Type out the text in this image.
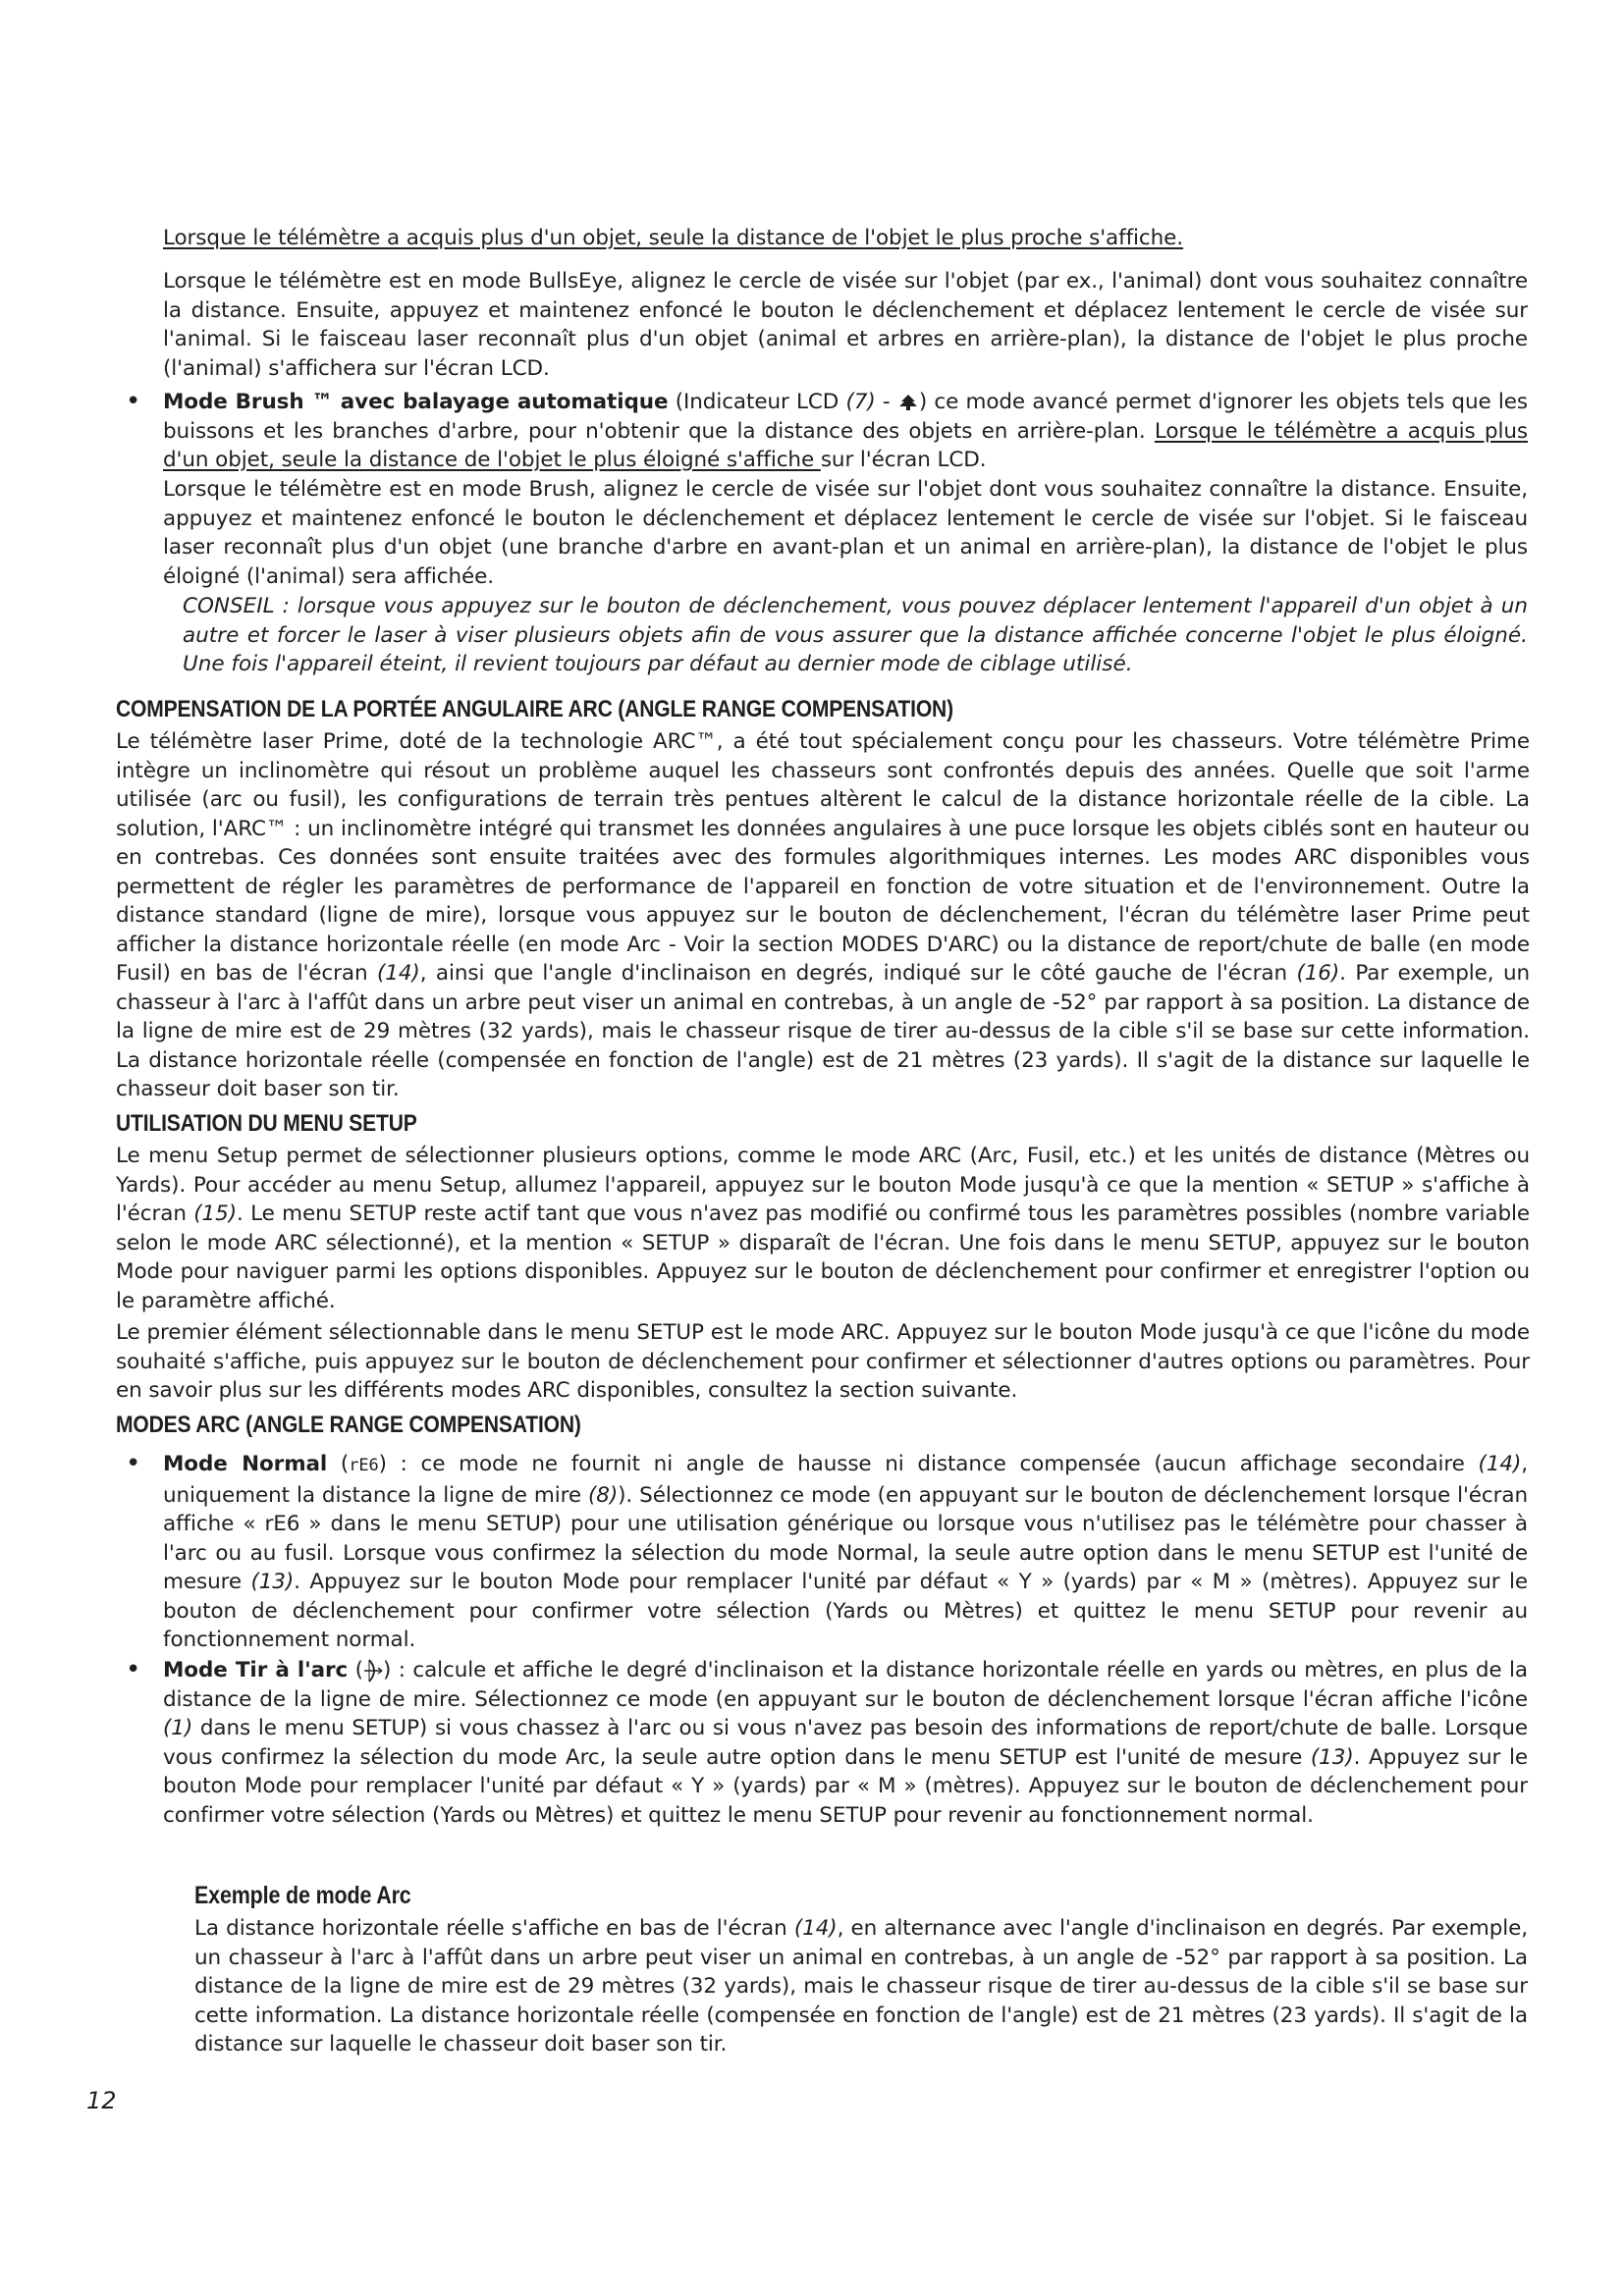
Lorsque le télémètre a acquis plus d'un objet, seule la distance de l'objet le plus proche s'affiche.
Lorsque le télémètre est en mode BullsEye, alignez le cercle de visée sur l'objet (par ex., l'animal) dont vous souhaitez connaître la distance. Ensuite, appuyez et maintenez enfoncé le bouton le déclenchement et déplacez lentement le cercle de visée sur l'animal. Si le faisceau laser reconnaît plus d'un objet (animal et arbres en arrière-plan), la distance de l'objet le plus proche (l'animal) s'affichera sur l'écran LCD.
• Mode Brush ™ avec balayage automatique (Indicateur LCD (7) - ) ce mode avancé permet d'ignorer les objets tels que les buissons et les branches d'arbre, pour n'obtenir que la distance des objets en arrière-plan. Lorsque le télémètre a acquis plus d'un objet, seule la distance de l'objet le plus éloigné s'affiche sur l'écran LCD.
Lorsque le télémètre est en mode Brush, alignez le cercle de visée sur l'objet dont vous souhaitez connaître la distance. Ensuite, appuyez et maintenez enfoncé le bouton le déclenchement et déplacez lentement le cercle de visée sur l'objet. Si le faisceau laser reconnaît plus d'un objet (une branche d'arbre en avant-plan et un animal en arrière-plan), la distance de l'objet le plus éloigné (l'animal) sera affichée.
CONSEIL : lorsque vous appuyez sur le bouton de déclenchement, vous pouvez déplacer lentement l'appareil d'un objet à un autre et forcer le laser à viser plusieurs objets afin de vous assurer que la distance affichée concerne l'objet le plus éloigné. Une fois l'appareil éteint, il revient toujours par défaut au dernier mode de ciblage utilisé.
COMPENSATION DE LA PORTÉE ANGULAIRE ARC (ANGLE RANGE COMPENSATION)
Le télémètre laser Prime, doté de la technologie ARC™, a été tout spécialement conçu pour les chasseurs. Votre télémètre Prime intègre un inclinomètre qui résout un problème auquel les chasseurs sont confrontés depuis des années. Quelle que soit l'arme utilisée (arc ou fusil), les configurations de terrain très pentues altèrent le calcul de la distance horizontale réelle de la cible. La solution, l'ARC™ : un inclinomètre intégré qui transmet les données angulaires à une puce lorsque les objets ciblés sont en hauteur ou en contrebas. Ces données sont ensuite traitées avec des formules algorithmiques internes. Les modes ARC disponibles vous permettent de régler les paramètres de performance de l'appareil en fonction de votre situation et de l'environnement. Outre la distance standard (ligne de mire), lorsque vous appuyez sur le bouton de déclenchement, l'écran du télémètre laser Prime peut afficher la distance horizontale réelle (en mode Arc - Voir la section MODES D'ARC) ou la distance de report/chute de balle (en mode Fusil) en bas de l'écran (14), ainsi que l'angle d'inclinaison en degrés, indiqué sur le côté gauche de l'écran (16). Par exemple, un chasseur à l'arc à l'affût dans un arbre peut viser un animal en contrebas, à un angle de -52° par rapport à sa position. La distance de la ligne de mire est de 29 mètres (32 yards), mais le chasseur risque de tirer au-dessus de la cible s'il se base sur cette information. La distance horizontale réelle (compensée en fonction de l'angle) est de 21 mètres (23 yards). Il s'agit de la distance sur laquelle le chasseur doit baser son tir.
UTILISATION DU MENU SETUP
Le menu Setup permet de sélectionner plusieurs options, comme le mode ARC (Arc, Fusil, etc.) et les unités de distance (Mètres ou Yards). Pour accéder au menu Setup, allumez l'appareil, appuyez sur le bouton Mode jusqu'à ce que la mention « SETUP » s'affiche à l'écran (15). Le menu SETUP reste actif tant que vous n'avez pas modifié ou confirmé tous les paramètres possibles (nombre variable selon le mode ARC sélectionné), et la mention « SETUP » disparaît de l'écran. Une fois dans le menu SETUP, appuyez sur le bouton Mode pour naviguer parmi les options disponibles. Appuyez sur le bouton de déclenchement pour confirmer et enregistrer l'option ou le paramètre affiché.
Le premier élément sélectionnable dans le menu SETUP est le mode ARC. Appuyez sur le bouton Mode jusqu'à ce que l'icône du mode souhaité s'affiche, puis appuyez sur le bouton de déclenchement pour confirmer et sélectionner d'autres options ou paramètres. Pour en savoir plus sur les différents modes ARC disponibles, consultez la section suivante.
MODES ARC (ANGLE RANGE COMPENSATION)
• Mode Normal (rE6) : ce mode ne fournit ni angle de hausse ni distance compensée (aucun affichage secondaire (14), uniquement la distance la ligne de mire (8)). Sélectionnez ce mode (en appuyant sur le bouton de déclenchement lorsque l'écran affiche « rE6 » dans le menu SETUP) pour une utilisation générique ou lorsque vous n'utilisez pas le télémètre pour chasser à l'arc ou au fusil. Lorsque vous confirmez la sélection du mode Normal, la seule autre option dans le menu SETUP est l'unité de mesure (13). Appuyez sur le bouton Mode pour remplacer l'unité par défaut « Y » (yards) par « M » (mètres). Appuyez sur le bouton de déclenchement pour confirmer votre sélection (Yards ou Mètres) et quittez le menu SETUP pour revenir au fonctionnement normal.
• Mode Tir à l'arc ( ) : calcule et affiche le degré d'inclinaison et la distance horizontale réelle en yards ou mètres, en plus de la distance de la ligne de mire. Sélectionnez ce mode (en appuyant sur le bouton de déclenchement lorsque l'écran affiche l'icône (1) dans le menu SETUP) si vous chassez à l'arc ou si vous n'avez pas besoin des informations de report/chute de balle. Lorsque vous confirmez la sélection du mode Arc, la seule autre option dans le menu SETUP est l'unité de mesure (13). Appuyez sur le bouton Mode pour remplacer l'unité par défaut « Y » (yards) par « M » (mètres). Appuyez sur le bouton de déclenchement pour confirmer votre sélection (Yards ou Mètres) et quittez le menu SETUP pour revenir au fonctionnement normal.
Exemple de mode Arc
La distance horizontale réelle s'affiche en bas de l'écran (14), en alternance avec l'angle d'inclinaison en degrés. Par exemple, un chasseur à l'arc à l'affût dans un arbre peut viser un animal en contrebas, à un angle de -52° par rapport à sa position. La distance de la ligne de mire est de 29 mètres (32 yards), mais le chasseur risque de tirer au-dessus de la cible s'il se base sur cette information. La distance horizontale réelle (compensée en fonction de l'angle) est de 21 mètres (23 yards). Il s'agit de la distance sur laquelle le chasseur doit baser son tir.
12
